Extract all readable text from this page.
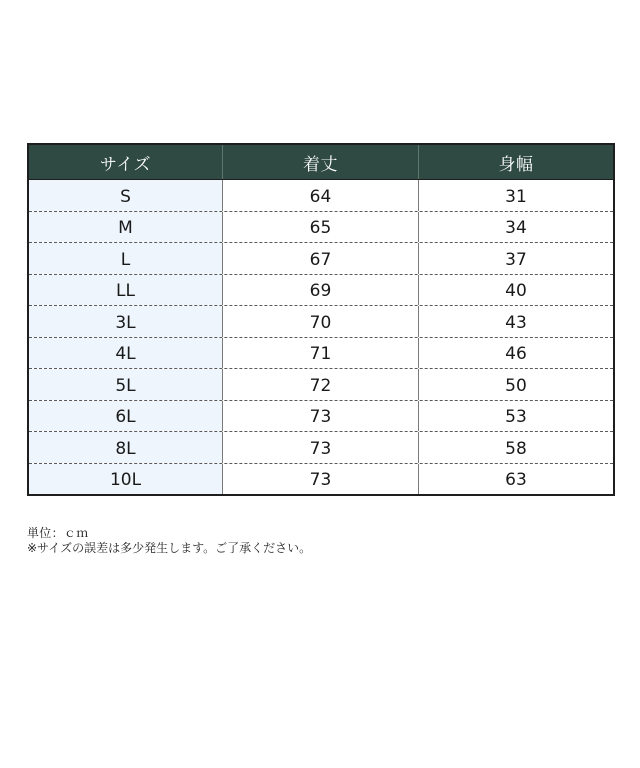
サイズ	着丈	身幅
S	64	31
M	65	34
L	67	37
LL	69	40
3L	70	43
4L	71	46
5L	72	50
6L	73	53
8L	73	58
10L	73	63
単位：ｃｍ
※サイズの誤差は多少発生します。ご了承ください。
